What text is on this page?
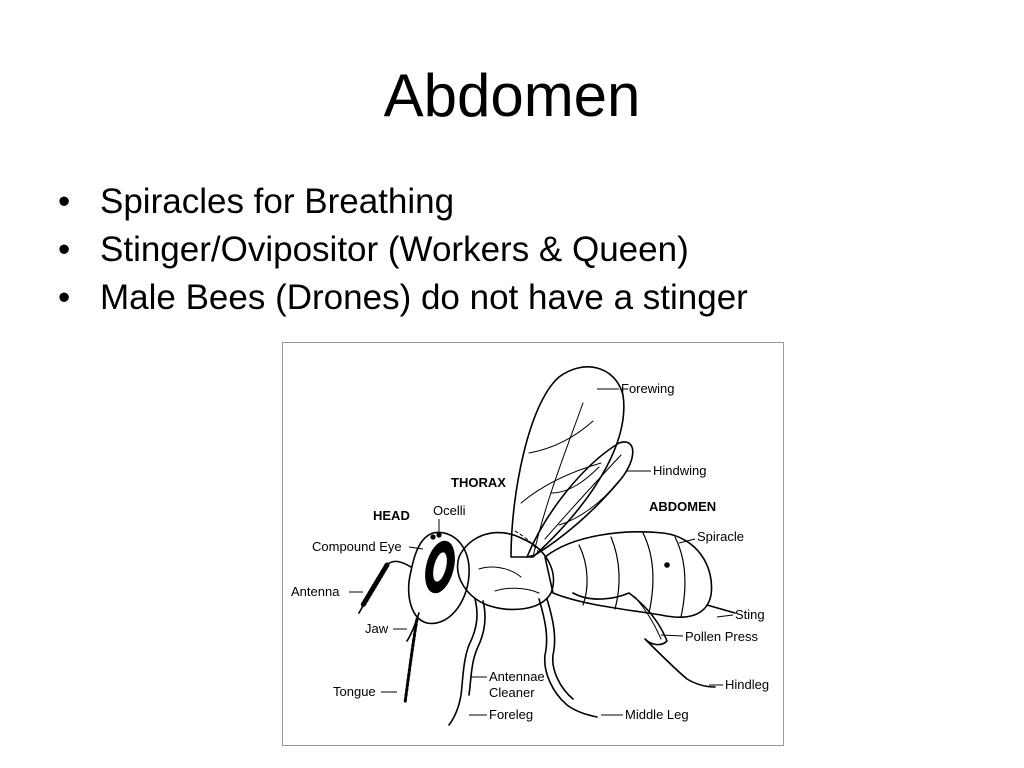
Abdomen
• Spiracles for Breathing
• Stinger/Ovipositor (Workers & Queen)
• Male Bees (Drones) do not have a stinger
THORAX
HEAD
ABDOMEN
Forewing
Hindwing
Ocelli
Compound Eye
Antenna
Jaw
Tongue
Spiracle
Sting
Pollen Press
Hindleg
Antennae
Cleaner
Foreleg	Middle Leg
